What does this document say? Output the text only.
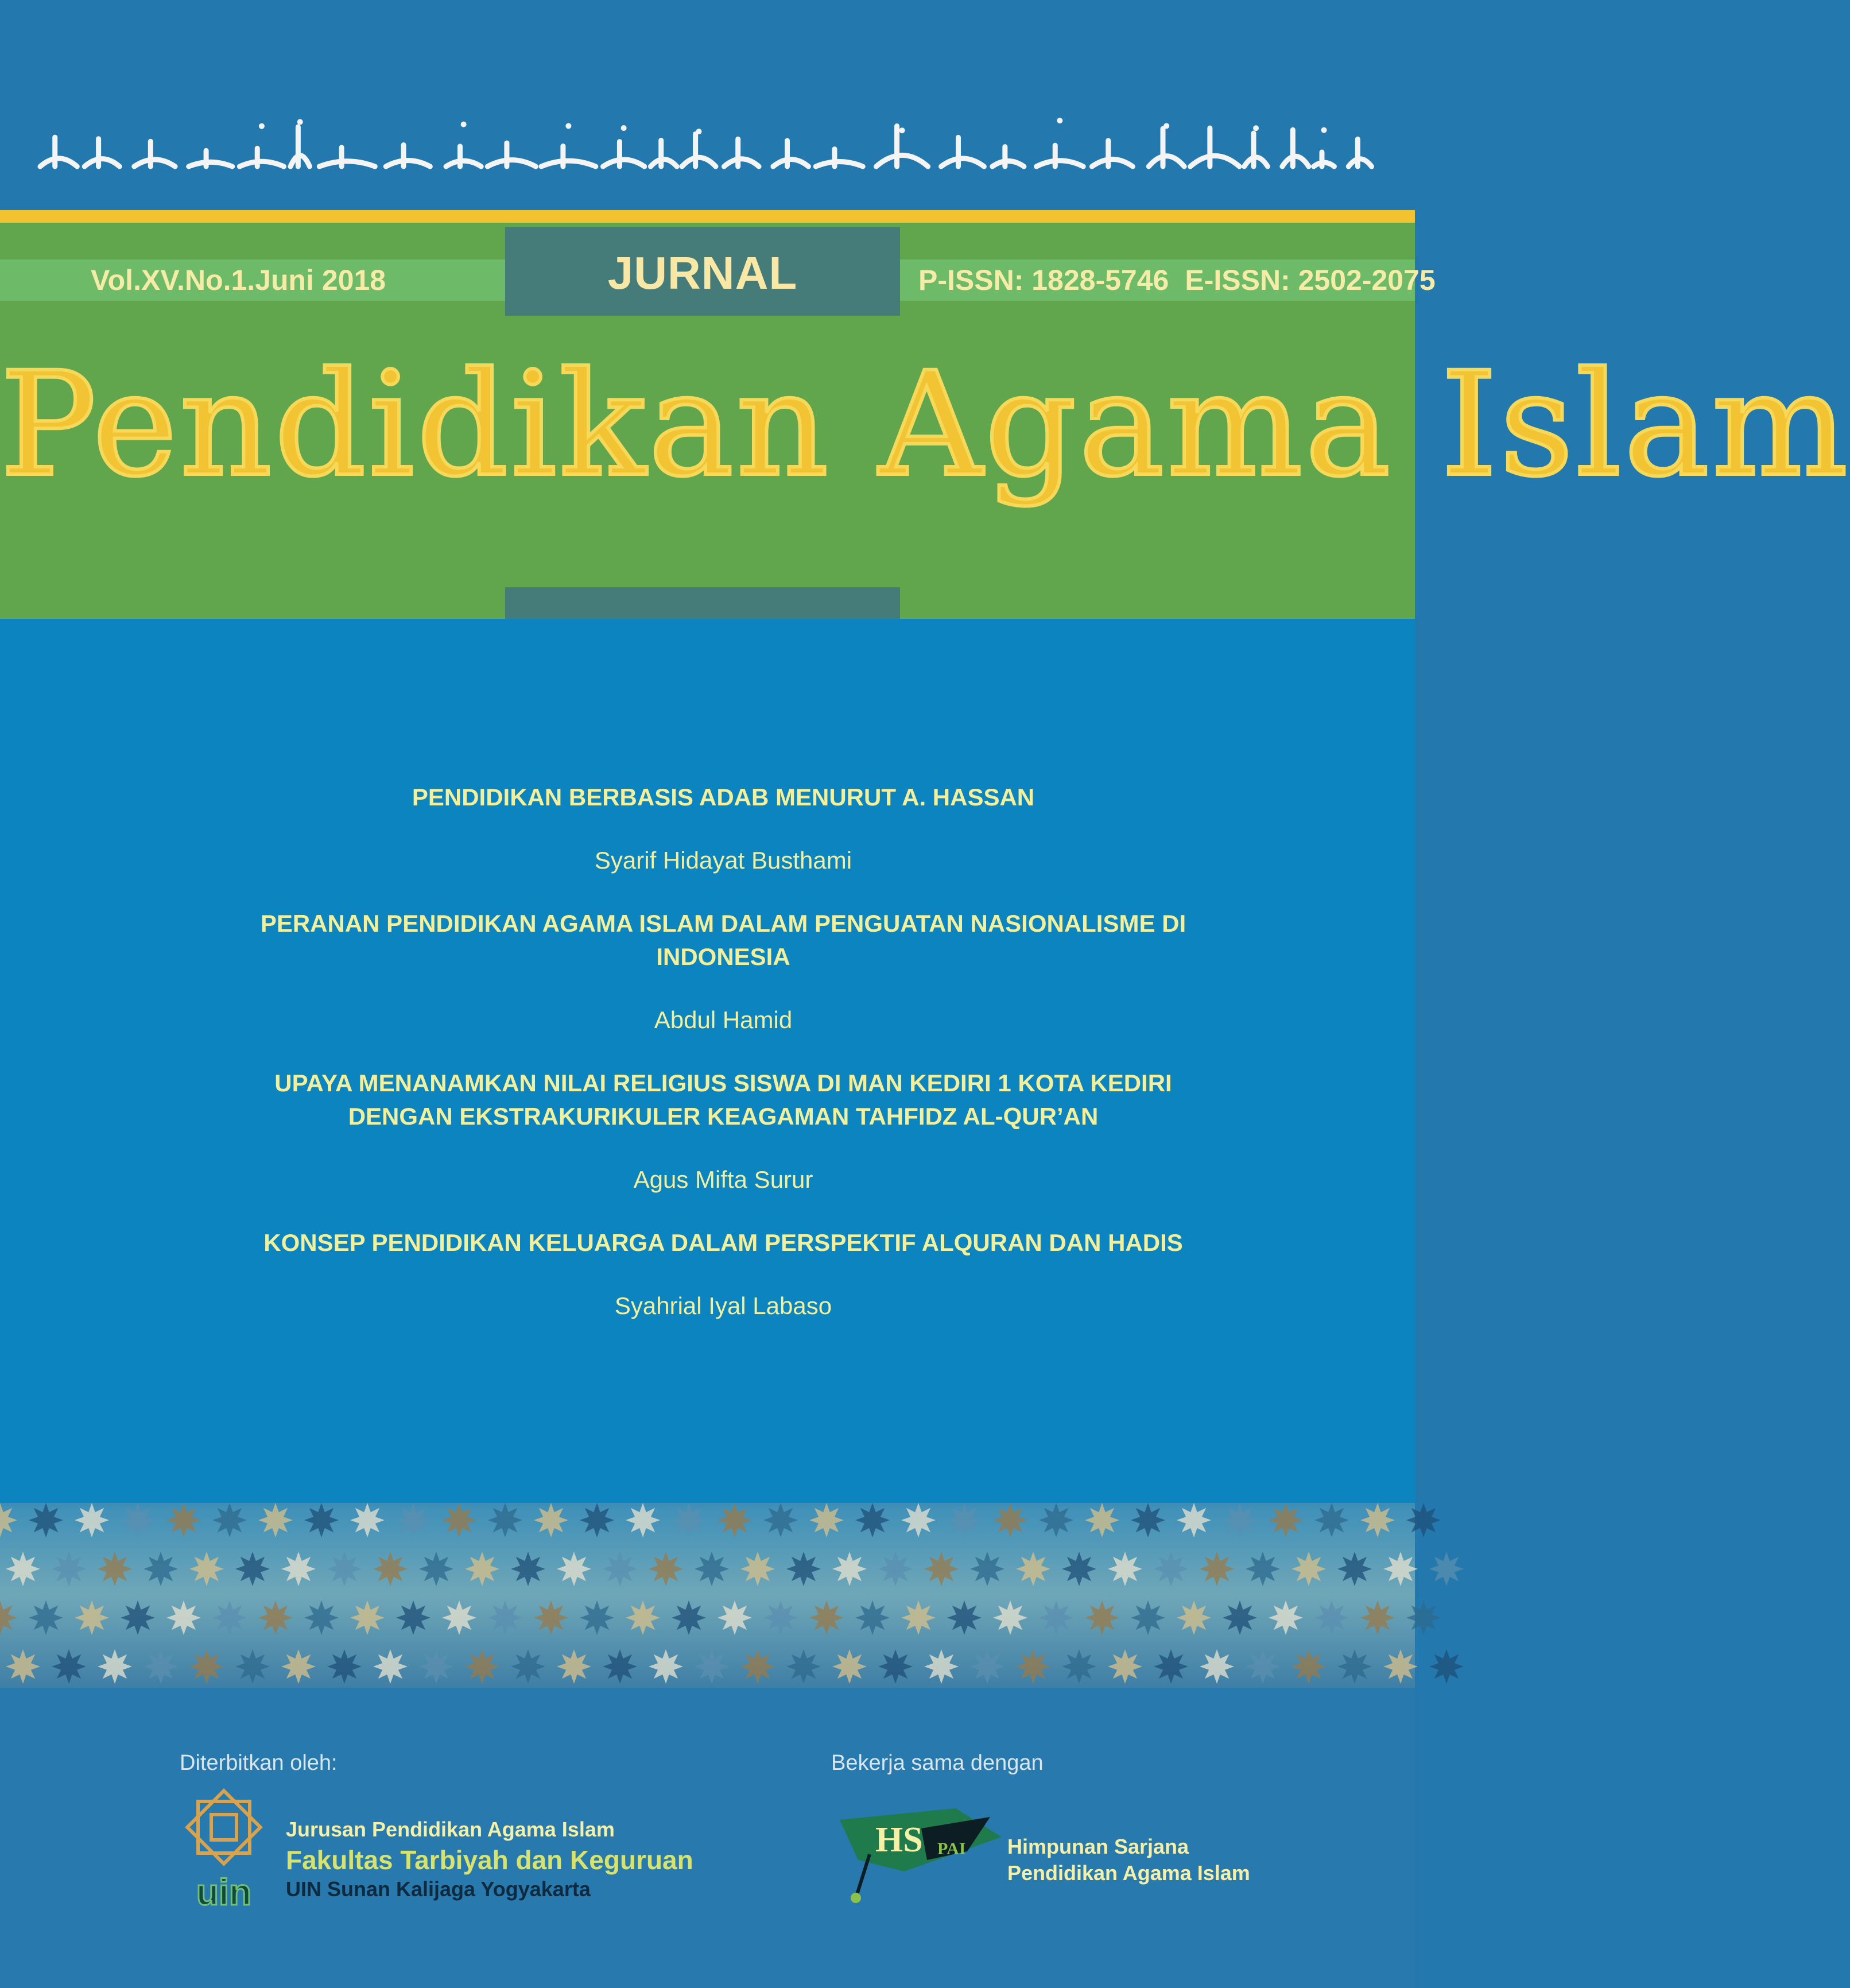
Vol.XV.No.1.Juni 2018	JURNAL	P-ISSN: 1828-5746 E-ISSN: 2502-2075
Pendidikan Agama Islam
PENDIDIKAN BERBASIS ADAB MENURUT A. HASSAN
Syarif Hidayat Busthami
PERANAN PENDIDIKAN AGAMA ISLAM DALAM PENGUATAN NASIONALISME DI INDONESIA
Abdul Hamid
UPAYA MENANAMKAN NILAI RELIGIUS SISWA DI MAN KEDIRI 1 KOTA KEDIRI DENGAN EKSTRAKURIKULER KEAGAMAN TAHFIDZ AL-QUR’AN
Agus Mifta Surur
KONSEP PENDIDIKAN KELUARGA DALAM PERSPEKTIF ALQURAN DAN HADIS
Syahrial Iyal Labaso
Diterbitkan oleh:	Bekerja sama dengan
uin
Jurusan Pendidikan Agama Islam
Fakultas Tarbiyah dan Keguruan
UIN Sunan Kalijaga Yogyakarta
HS PAI Himpunan Sarjana
Pendidikan Agama Islam
